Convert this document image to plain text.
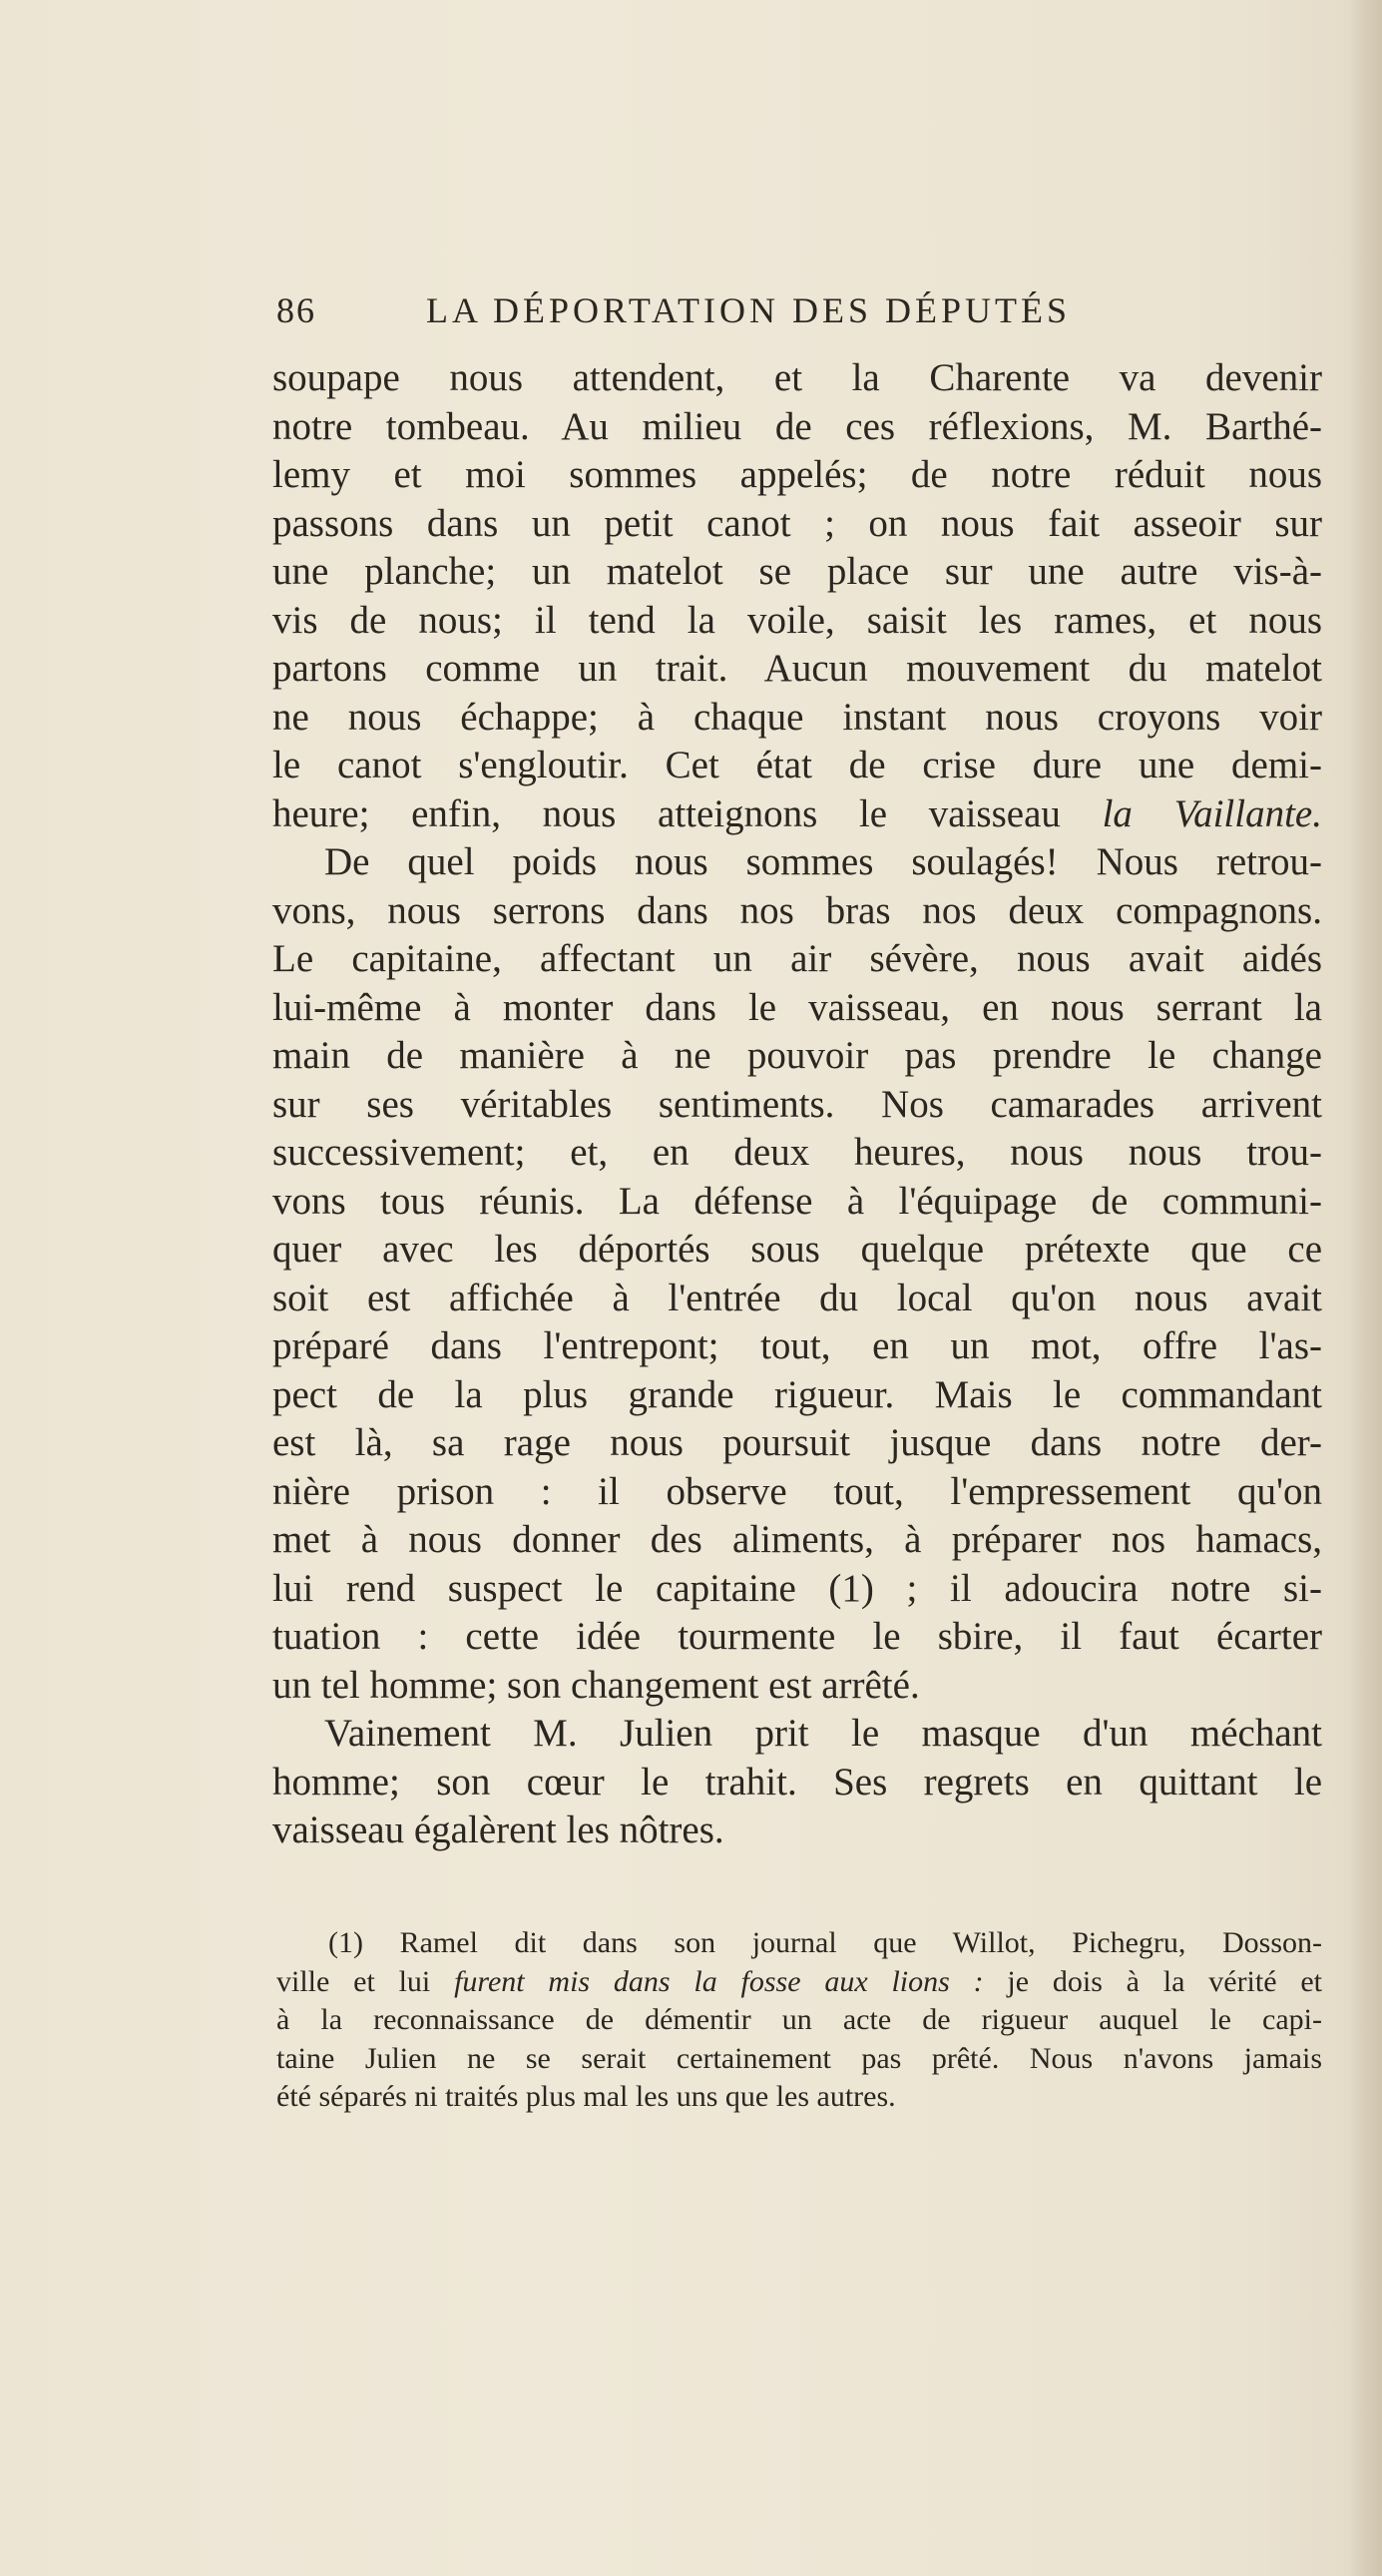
86	LA DÉPORTATION DES DÉPUTÉS
soupape nous attendent, et la Charente va devenir
notre tombeau. Au milieu de ces réflexions, M. Barthé-
lemy et moi sommes appelés; de notre réduit nous
passons dans un petit canot ; on nous fait asseoir sur
une planche; un matelot se place sur une autre vis-à-
vis de nous; il tend la voile, saisit les rames, et nous
partons comme un trait. Aucun mouvement du matelot
ne nous échappe; à chaque instant nous croyons voir
le canot s'engloutir. Cet état de crise dure une demi-
heure; enfin, nous atteignons le vaisseau la Vaillante.
De quel poids nous sommes soulagés! Nous retrou-
vons, nous serrons dans nos bras nos deux compagnons.
Le capitaine, affectant un air sévère, nous avait aidés
lui-même à monter dans le vaisseau, en nous serrant la
main de manière à ne pouvoir pas prendre le change
sur ses véritables sentiments. Nos camarades arrivent
successivement; et, en deux heures, nous nous trou-
vons tous réunis. La défense à l'équipage de communi-
quer avec les déportés sous quelque prétexte que ce
soit est affichée à l'entrée du local qu'on nous avait
préparé dans l'entrepont; tout, en un mot, offre l'as-
pect de la plus grande rigueur. Mais le commandant
est là, sa rage nous poursuit jusque dans notre der-
nière prison : il observe tout, l'empressement qu'on
met à nous donner des aliments, à préparer nos hamacs,
lui rend suspect le capitaine (1) ; il adoucira notre si-
tuation : cette idée tourmente le sbire, il faut écarter
un tel homme; son changement est arrêté.
Vainement M. Julien prit le masque d'un méchant
homme; son cœur le trahit. Ses regrets en quittant le
vaisseau égalèrent les nôtres.
(1) Ramel dit dans son journal que Willot, Pichegru, Dosson-
ville et lui furent mis dans la fosse aux lions : je dois à la vérité et
à la reconnaissance de démentir un acte de rigueur auquel le capi-
taine Julien ne se serait certainement pas prêté. Nous n'avons jamais
été séparés ni traités plus mal les uns que les autres.
